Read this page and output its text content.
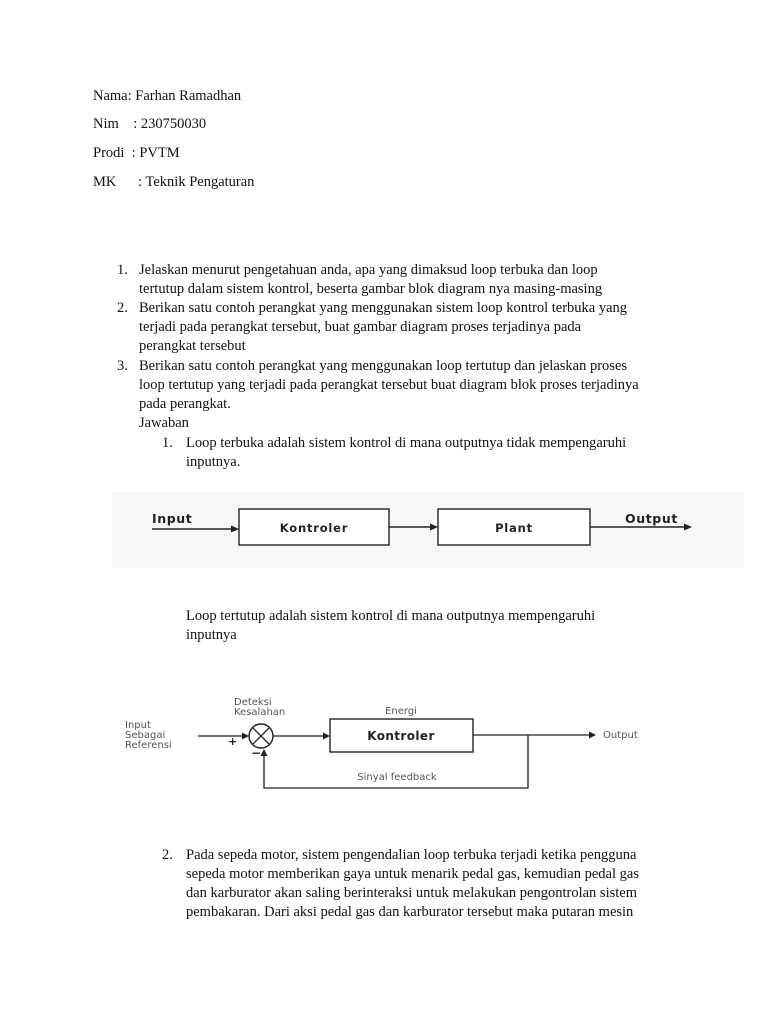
Nama: Farhan Ramadhan
Nim    : 230750030
Prodi  : PVTM
MK      : Teknik Pengaturan
1. Jelaskan menurut pengetahuan anda, apa yang dimaksud loop terbuka dan loop
tertutup dalam sistem kontrol, beserta gambar blok diagram nya masing-masing
2. Berikan satu contoh perangkat yang menggunakan sistem loop kontrol terbuka yang
terjadi pada perangkat tersebut, buat gambar diagram proses terjadinya pada
perangkat tersebut
3. Berikan satu contoh perangkat yang menggunakan loop tertutup dan jelaskan proses
loop tertutup yang terjadi pada perangkat tersebut buat diagram blok proses terjadinya
pada perangkat.
Jawaban
1. Loop terbuka adalah sistem kontrol di mana outputnya tidak mempengaruhi
inputnya.
Input
Kontroler	Plant
Output
Loop tertutup adalah sistem kontrol di mana outputnya mempengaruhi
inputnya
Input
Sebagai
Referensi
Deteksi
Kesalahan
+
−
Energi
Kontroler	Output
Sinyal feedback
2. Pada sepeda motor, sistem pengendalian loop terbuka terjadi ketika pengguna
sepeda motor memberikan gaya untuk menarik pedal gas, kemudian pedal gas
dan karburator akan saling berinteraksi untuk melakukan pengontrolan sistem
pembakaran. Dari aksi pedal gas dan karburator tersebut maka putaran mesin
